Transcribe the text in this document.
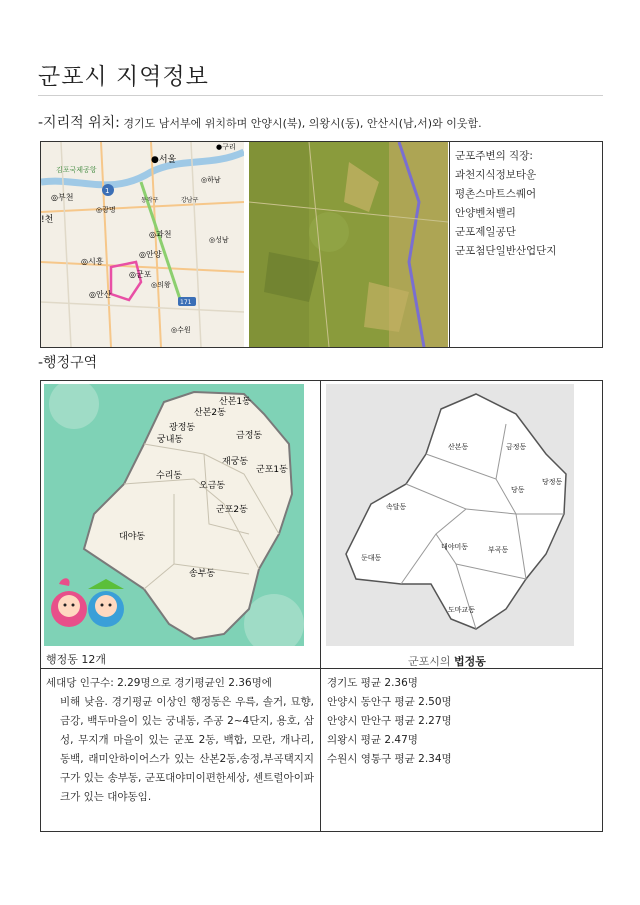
군포시 지역정보
-지리적 위치: 경기도 남서부에 위치하며 안양시(북), 의왕시(동), 안산시(남,서)와 이웃함.
1
171
●서울
●구리
김포국제공항
◎부천
◎광명
동작구	강남구
◎하남
◎과천
◎성남
◎안양
◎시흥
◎군포
◎의왕
◎안산
◎수원
!천
군포주변의 직장:
과천지식정보타운
평촌스마트스퀘어
안양벤처밸리
군포제일공단
군포첨단일반산업단지
-행정구역
산본1동
산본2동
광정동
궁내동	금정동
재궁동
군포1동
수리동
오금동
군포2동
대야동
송부동
행정동 12개
산본동	금정동
당동
당정동
속달동
대야미동	부곡동
둔대동
도마교동
군포시의 법정동
세대당 인구수: 2.29명으로 경기평균인 2.36명에
비해 낮음. 경기평균 이상인 행정동은 우륵, 솔거, 묘향, 금강, 백두마을이 있는 궁내동, 주공 2~4단지, 용호, 삼성, 무지개 마을이 있는 군포 2동, 백합, 모란, 개나리, 동백, 래미안하이어스가 있는 산본2동,송정,부곡택지지구가 있는 송부동, 군포대야미이편한세상, 센트럴아이파크가 있는 대야동임.
경기도 평균 2.36명
안양시 동안구 평균 2.50명
안양시 만안구 평균 2.27명
의왕시 평균 2.47명
수원시 영통구 평균 2.34명
